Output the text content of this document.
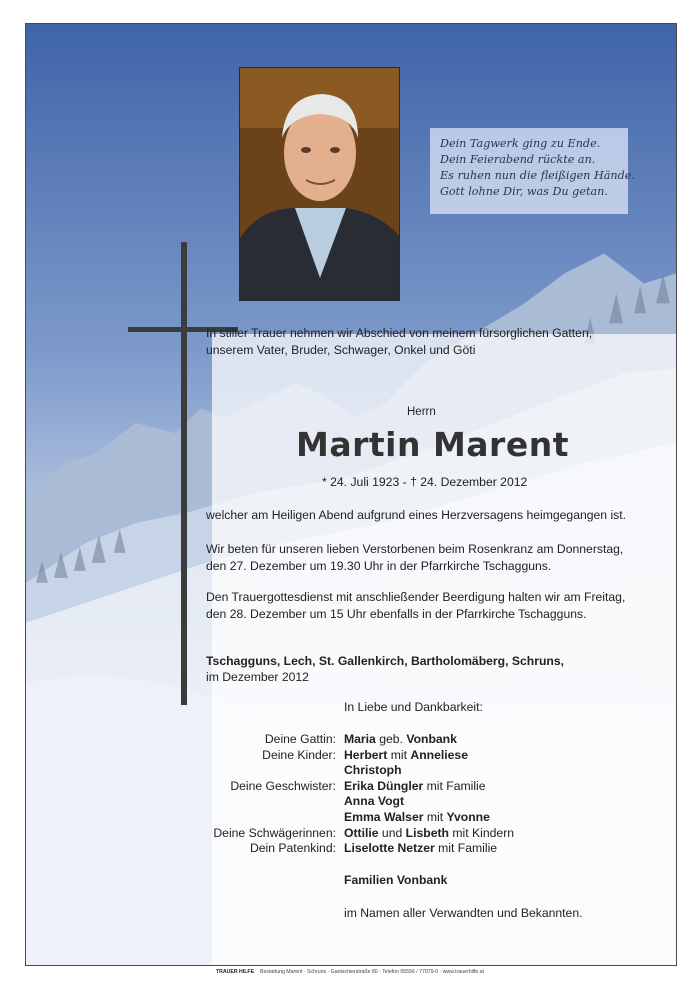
Dein Tagwerk ging zu Ende.
Dein Feierabend rückte an.
Es ruhen nun die fleißigen Hände.
Gott lohne Dir, was Du getan.
In stiller Trauer nehmen wir Abschied von meinem fürsorglichen Gatten,
unserem Vater, Bruder, Schwager, Onkel und Göti
Herrn
Martin Marent
* 24. Juli 1923 - † 24. Dezember 2012
welcher am Heiligen Abend aufgrund eines Herzversagens heimgegangen ist.
Wir beten für unseren lieben Verstorbenen beim Rosenkranz am Donnerstag,
den 27. Dezember um 19.30 Uhr in der Pfarrkirche Tschagguns.
Den Trauergottesdienst mit anschließender Beerdigung halten wir am Freitag,
den 28. Dezember um 15 Uhr ebenfalls in der Pfarrkirche Tschagguns.
Tschagguns, Lech, St. Gallenkirch, Bartholomäberg, Schruns,
im Dezember 2012
In Liebe und Dankbarkeit:
Deine Gattin: Maria geb. Vonbank
Deine Kinder: Herbert mit Anneliese
Christoph
Deine Geschwister: Erika Düngler mit Familie
Anna Vogt
Emma Walser mit Yvonne
Deine Schwägerinnen: Ottilie und Lisbeth mit Kindern
Dein Patenkind: Liselotte Netzer mit Familie
Familien Vonbank
im Namen aller Verwandten und Bekannten.
TRAUER HILFE Bestattung Marent · Schruns · Gantschierstraße 80 · Telefon 05556 / 77079-0 · www.trauerhilfe.at
